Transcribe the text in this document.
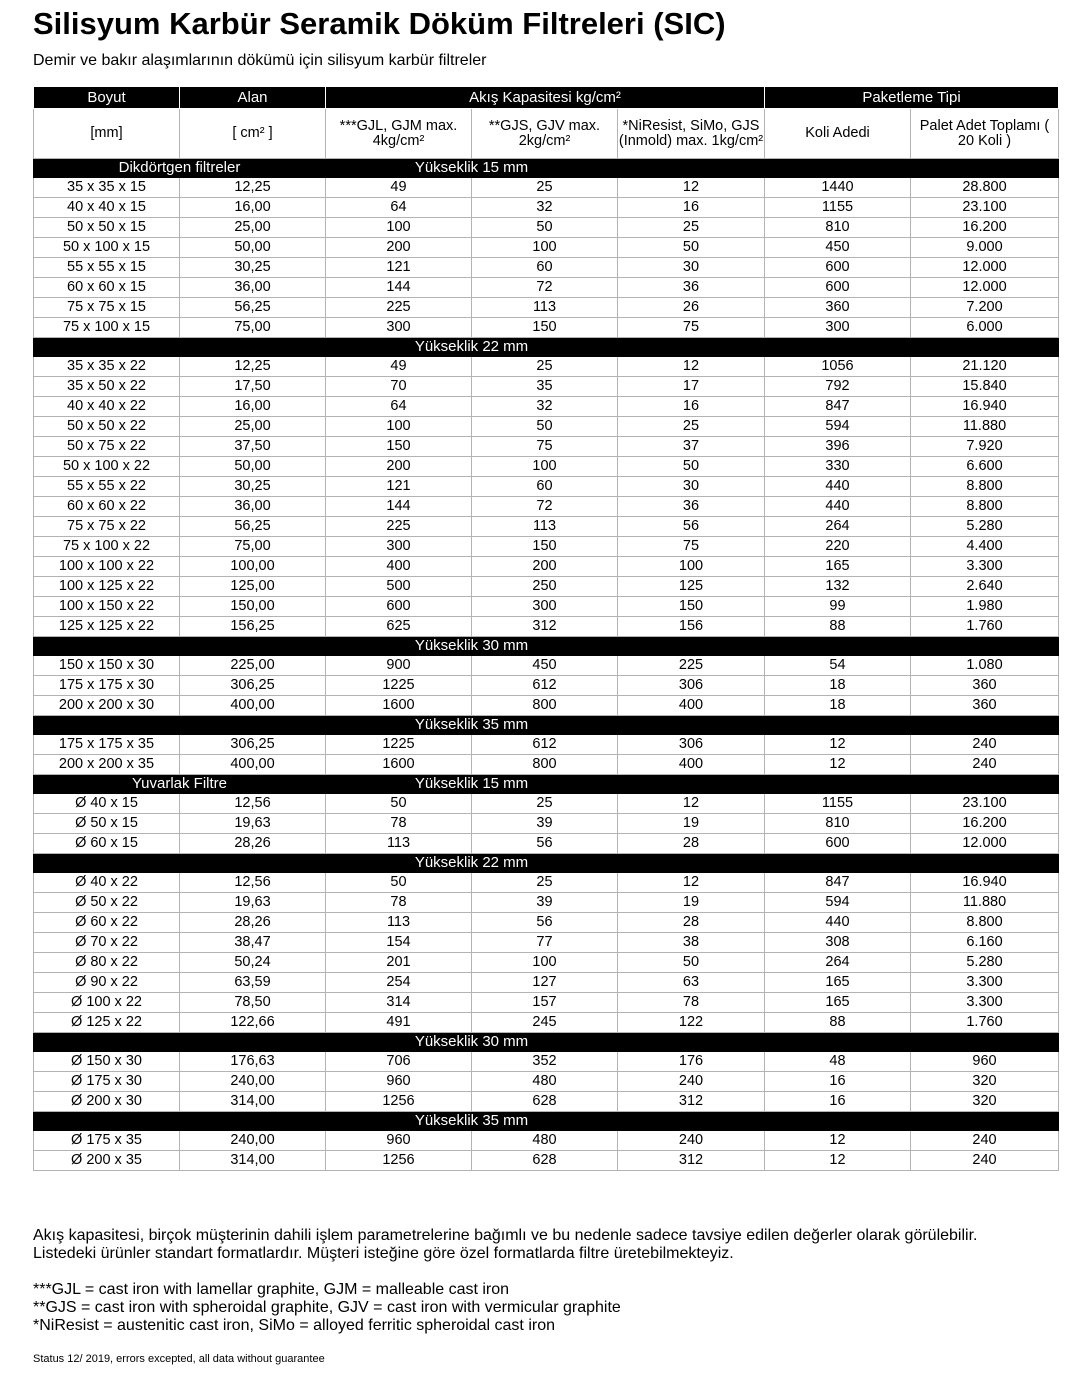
Silisyum Karbür Seramik Döküm Filtreleri (SIC)
Demir ve bakır alaşımlarının dökümü için silisyum karbür filtreler
Boyut	Alan	Akış Kapasitesi kg/cm²			Paketleme Tipi	
[mm]	[ cm² ]	***GJL, GJM max. 4kg/cm²	**GJS, GJV max. 2kg/cm²	*NiResist, SiMo, GJS (Inmold) max. 1kg/cm²	Koli Adedi	Palet Adet Toplamı ( 20 Koli )
Dikdörtgen filtreler		Yükseklik 15 mm				
35 x 35 x 15	12,25	49	25	12	1440	28.800
40 x 40 x 15	16,00	64	32	16	1155	23.100
50 x 50 x 15	25,00	100	50	25	810	16.200
50 x 100 x 15	50,00	200	100	50	450	9.000
55 x 55 x 15	30,25	121	60	30	600	12.000
60 x 60 x 15	36,00	144	72	36	600	12.000
75 x 75 x 15	56,25	225	113	26	360	7.200
75 x 100 x 15	75,00	300	150	75	300	6.000
		Yükseklik 22 mm				
35 x 35 x 22	12,25	49	25	12	1056	21.120
35 x 50 x 22	17,50	70	35	17	792	15.840
40 x 40 x 22	16,00	64	32	16	847	16.940
50 x 50 x 22	25,00	100	50	25	594	11.880
50 x 75 x 22	37,50	150	75	37	396	7.920
50 x 100 x 22	50,00	200	100	50	330	6.600
55 x 55 x 22	30,25	121	60	30	440	8.800
60 x 60 x 22	36,00	144	72	36	440	8.800
75 x 75 x 22	56,25	225	113	56	264	5.280
75 x 100 x 22	75,00	300	150	75	220	4.400
100 x 100 x 22	100,00	400	200	100	165	3.300
100 x 125 x 22	125,00	500	250	125	132	2.640
100 x 150 x 22	150,00	600	300	150	99	1.980
125 x 125 x 22	156,25	625	312	156	88	1.760
		Yükseklik 30 mm				
150 x 150 x 30	225,00	900	450	225	54	1.080
175 x 175 x 30	306,25	1225	612	306	18	360
200 x 200 x 30	400,00	1600	800	400	18	360
		Yükseklik 35 mm				
175 x 175 x 35	306,25	1225	612	306	12	240
200 x 200 x 35	400,00	1600	800	400	12	240
Yuvarlak Filtre		Yükseklik 15 mm				
Ø 40 x 15	12,56	50	25	12	1155	23.100
Ø 50 x 15	19,63	78	39	19	810	16.200
Ø 60 x 15	28,26	113	56	28	600	12.000
		Yükseklik 22 mm				
Ø 40 x 22	12,56	50	25	12	847	16.940
Ø 50 x 22	19,63	78	39	19	594	11.880
Ø 60 x 22	28,26	113	56	28	440	8.800
Ø 70 x 22	38,47	154	77	38	308	6.160
Ø 80 x 22	50,24	201	100	50	264	5.280
Ø 90 x 22	63,59	254	127	63	165	3.300
Ø 100 x 22	78,50	314	157	78	165	3.300
Ø 125 x 22	122,66	491	245	122	88	1.760
		Yükseklik 30 mm				
Ø 150 x 30	176,63	706	352	176	48	960
Ø 175 x 30	240,00	960	480	240	16	320
Ø 200 x 30	314,00	1256	628	312	16	320
		Yükseklik 35 mm				
Ø 175 x 35	240,00	960	480	240	12	240
Ø 200 x 35	314,00	1256	628	312	12	240

Akış kapasitesi, birçok müşterinin dahili işlem parametrelerine bağımlı ve bu nedenle sadece tavsiye edilen değerler olarak görülebilir.

Listedeki ürünler standart formatlardır. Müşteri isteğine göre özel formatlarda filtre üretebilmekteyiz.

***GJL = cast iron with lamellar graphite, GJM = malleable cast iron

**GJS = cast iron with spheroidal graphite, GJV = cast iron with vermicular graphite

*NiResist = austenitic cast iron, SiMo = alloyed ferritic spheroidal cast iron

Status 12/ 2019, errors excepted, all data without guarantee
